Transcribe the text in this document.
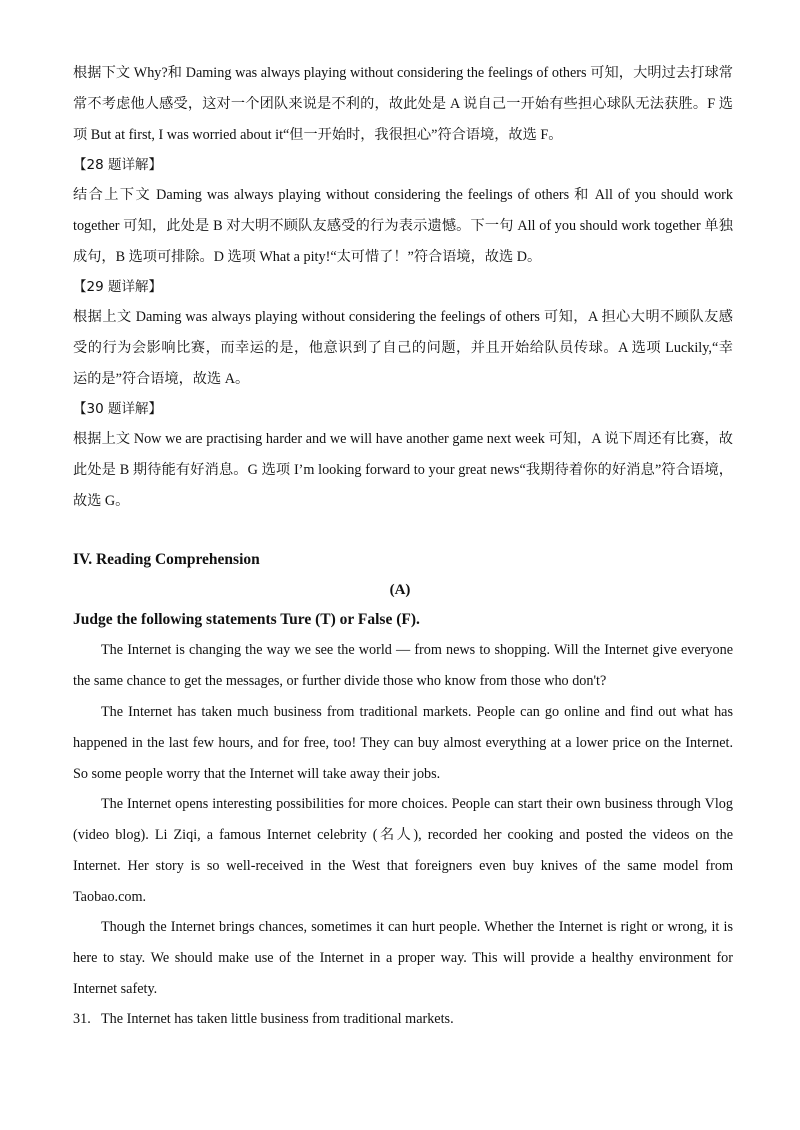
根据下文 Why?和 Daming was always playing without considering the feelings of others 可知，大明过去打球常
常不考虑他人感受，这对一个团队来说是不利的，故此处是 A 说自己一开始有些担心球队无法获胜。F 选
项 But at first, I was worried about it“但一开始时，我很担心”符合语境，故选 F。
【28 题详解】
结合上下文 Daming was always playing without considering the feelings of others 和 All of you should work
together 可知，此处是 B 对大明不顾队友感受的行为表示遗憾。下一句 All of you should work together 单独
成句，B 选项可排除。D 选项 What a pity!“太可惜了！”符合语境，故选 D。
【29 题详解】
根据上文 Daming was always playing without considering the feelings of others 可知，A 担心大明不顾队友感
受的行为会影响比赛，而幸运的是，他意识到了自己的问题，并且开始给队员传球。A 选项 Luckily,“幸
运的是”符合语境，故选 A。
【30 题详解】
根据上文 Now we are practising harder and we will have another game next week 可知，A 说下周还有比赛，故
此处是 B 期待能有好消息。G 选项 I’m looking forward to your great news“我期待着你的好消息”符合语境，
故选 G。
IV. Reading Comprehension
(A)
Judge the following statements Ture (T) or False (F).
The Internet is changing the way we see the world — from news to shopping. Will the Internet give everyone
the same chance to get the messages, or further divide those who know from those who don't?
The Internet has taken much business from traditional markets. People can go online and find out what has
happened in the last few hours, and for free, too! They can buy almost everything at a lower price on the Internet.
So some people worry that the Internet will take away their jobs.
The Internet opens interesting possibilities for more choices. People can start their own business through Vlog
(video blog). Li Ziqi, a famous Internet celebrity (名人), recorded her cooking and posted the videos on the
Internet. Her story is so well-received in the West that foreigners even buy knives of the same model from
Taobao.com.
Though the Internet brings chances, sometimes it can hurt people. Whether the Internet is right or wrong, it is
here to stay. We should make use of the Internet in a proper way. This will provide a healthy environment for
Internet safety.
31. The Internet has taken little business from traditional markets.
